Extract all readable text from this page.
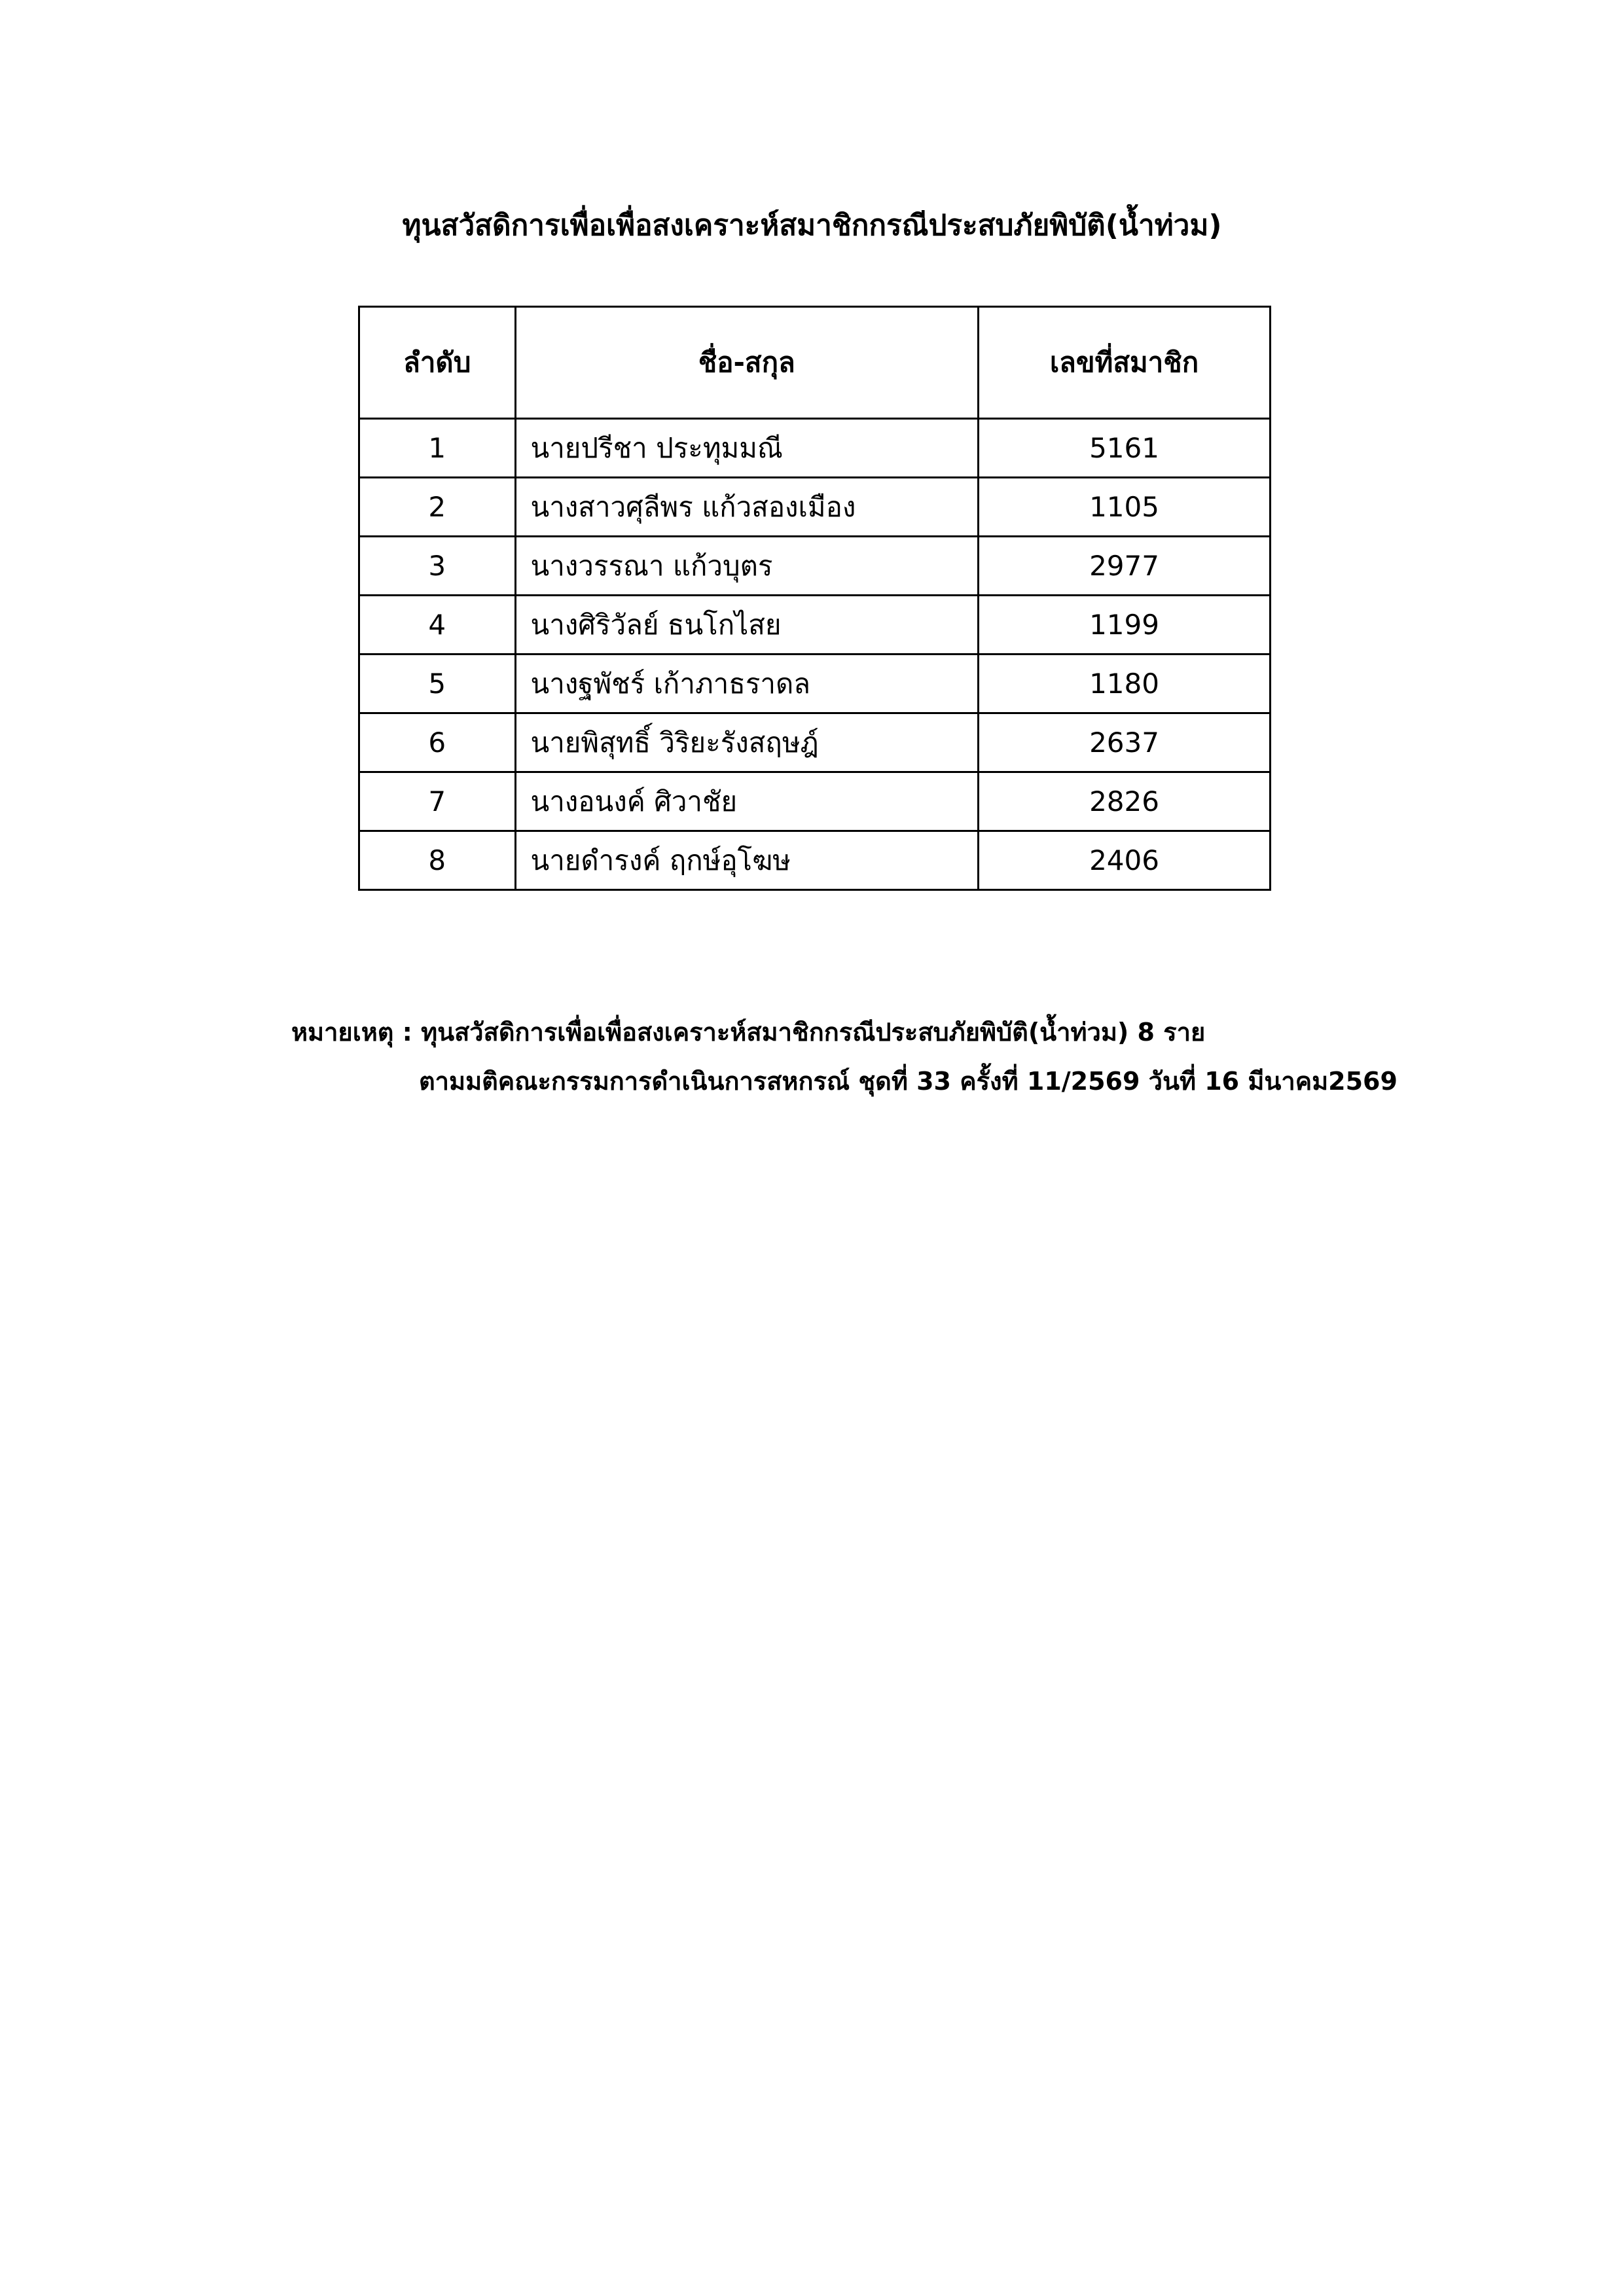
ทุนสวัสดิการเพื่อเพื่อสงเคราะห์สมาชิกกรณีประสบภัยพิบัติ(น้ำท่วม)
ลำดับ	ชื่อ-สกุล	เลขที่สมาชิก
1	นายปรีชา ประทุมมณี	5161
2	นางสาวศุลีพร แก้วสองเมือง	1105
3	นางวรรณา แก้วบุตร	2977
4	นางศิริวัลย์ ธนโกไสย	1199
5	นางฐพัชร์ เก้าภาธราดล	1180
6	นายพิสุทธิ์ วิริยะรังสฤษฎ์	2637
7	นางอนงค์ ศิวาชัย	2826
8	นายดำรงค์ ฤกษ์อุโฆษ	2406
หมายเหตุ : ทุนสวัสดิการเพื่อเพื่อสงเคราะห์สมาชิกกรณีประสบภัยพิบัติ(น้ำท่วม) 8 ราย
ตามมติคณะกรรมการดำเนินการสหกรณ์ ชุดที่ 33 ครั้งที่ 11/2569 วันที่ 16 มีนาคม2569
